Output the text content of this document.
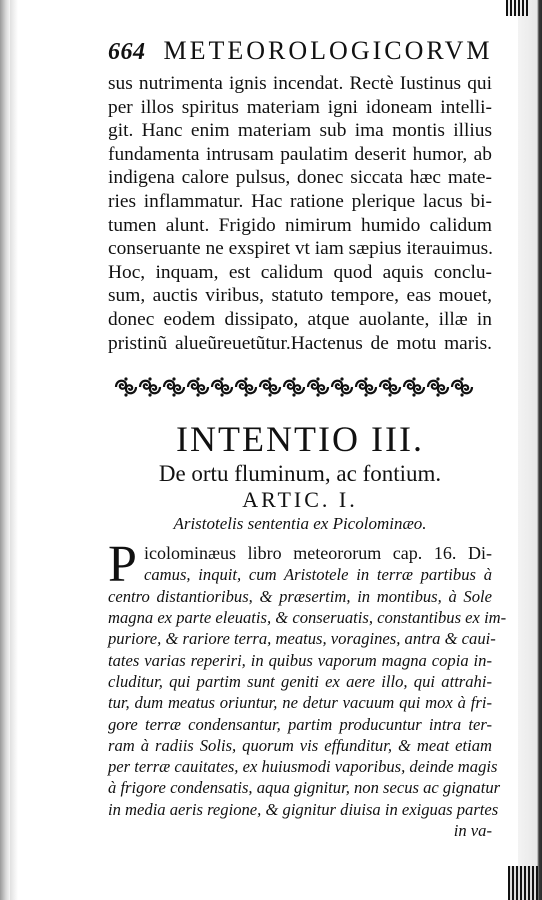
664 METEOROLOGICORVM

sus nutrimenta ignis incendat. Rectè Iustinus qui

per illos spiritus materiam igni idoneam intelli-

git. Hanc enim materiam sub ima montis illius

fundamenta intrusam paulatim deserit humor, ab

indigena calore pulsus, donec siccata hæc mate-

ries inflammatur. Hac ratione plerique lacus bi-

tumen alunt. Frigido nimirum humido calidum

conseruante ne exspiret vt iam sæpius iterauimus.

Hoc, inquam, est calidum quod aquis conclu-

sum, auctis viribus, statuto tempore, eas mouet,

donec eodem dissipato, atque auolante, illæ in

pristinũ alueũreuetũtur.Hactenus de motu maris.

INTENTIO III.
De ortu fluminum, ac fontium.
ARTIC. I.
Aristotelis sententia ex Picolominæo.
P icolominæus libro meteororum cap. 16. Di-

camus, inquit, cum Aristotele in terræ partibus à

centro distantioribus, & præsertim, in montibus, à Sole

magna ex parte eleuatis, & conseruatis, constantibus ex im-

puriore, & rariore terra, meatus, voragines, antra & caui-

tates varias reperiri, in quibus vaporum magna copia in-

cluditur, qui partim sunt geniti ex aere illo, qui attrahi-

tur, dum meatus oriuntur, ne detur vacuum qui mox à fri-

gore terræ condensantur, partim producuntur intra ter-

ram à radiis Solis, quorum vis effunditur, & meat etiam

per terræ cauitates, ex huiusmodi vaporibus, deinde magis

à frigore condensatis, aqua gignitur, non secus ac gignatur

in media aeris regione, & gignitur diuisa in exiguas partes

in va-
